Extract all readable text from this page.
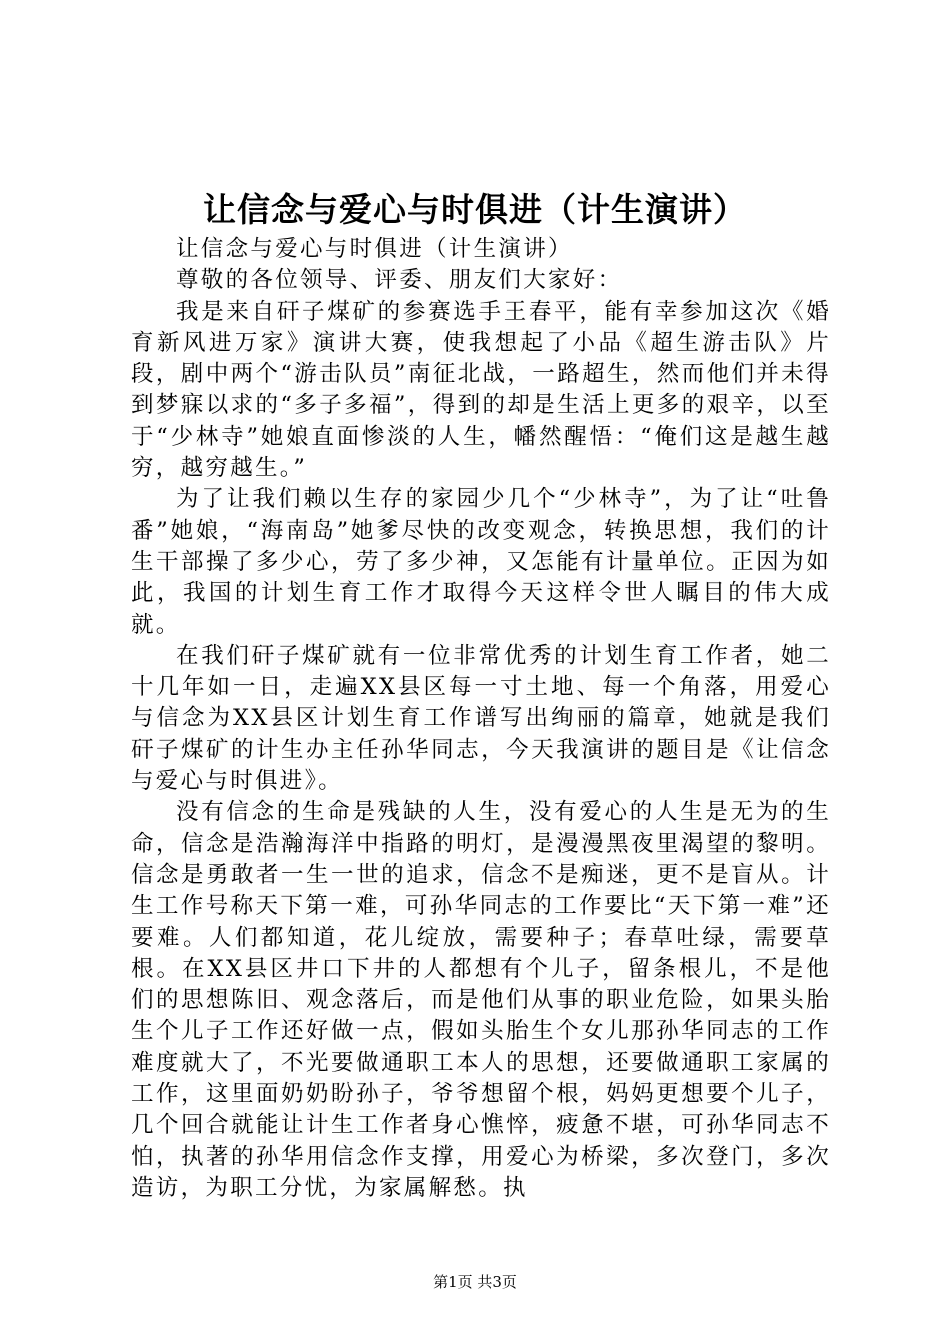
让信念与爱心与时俱进（计生演讲）

让信念与爱心与时俱进（计生演讲）

尊敬的各位领导、评委、朋友们大家好：

我是来自矸子煤矿的参赛选手王春平，能有幸参加这次《婚育新风进万家》演讲大赛，使我想起了小品《超生游击队》片段，剧中两个“游击队员”南征北战，一路超生，然而他们并未得到梦寐以求的“多子多福”，得到的却是生活上更多的艰辛，以至于“少林寺”她娘直面惨淡的人生，幡然醒悟：“俺们这是越生越穷，越穷越生。”

为了让我们赖以生存的家园少几个“少林寺”，为了让“吐鲁番”她娘，“海南岛”她爹尽快的改变观念，转换思想，我们的计生干部操了多少心，劳了多少神，又怎能有计量单位。正因为如此，我国的计划生育工作才取得今天这样令世人瞩目的伟大成就。

在我们矸子煤矿就有一位非常优秀的计划生育工作者，她二十几年如一日，走遍XX县区每一寸土地、每一个角落，用爱心与信念为XX县区计划生育工作谱写出绚丽的篇章，她就是我们矸子煤矿的计生办主任孙华同志，今天我演讲的题目是《让信念与爱心与时俱进》。

没有信念的生命是残缺的人生，没有爱心的人生是无为的生命，信念是浩瀚海洋中指路的明灯，是漫漫黑夜里渴望的黎明。信念是勇敢者一生一世的追求，信念不是痴迷，更不是盲从。计生工作号称天下第一难，可孙华同志的工作要比“天下第一难”还要难。人们都知道，花儿绽放，需要种子；春草吐绿，需要草根。在XX县区井口下井的人都想有个儿子，留条根儿，不是他们的思想陈旧、观念落后，而是他们从事的职业危险，如果头胎生个儿子工作还好做一点，假如头胎生个女儿那孙华同志的工作难度就大了，不光要做通职工本人的思想，还要做通职工家属的工作，这里面奶奶盼孙子，爷爷想留个根，妈妈更想要个儿子，几个回合就能让计生工作者身心憔悴，疲惫不堪，可孙华同志不怕，执著的孙华用信念作支撑，用爱心为桥梁，多次登门，多次造访，为职工分忧，为家属解愁。执

第1页 共3页
